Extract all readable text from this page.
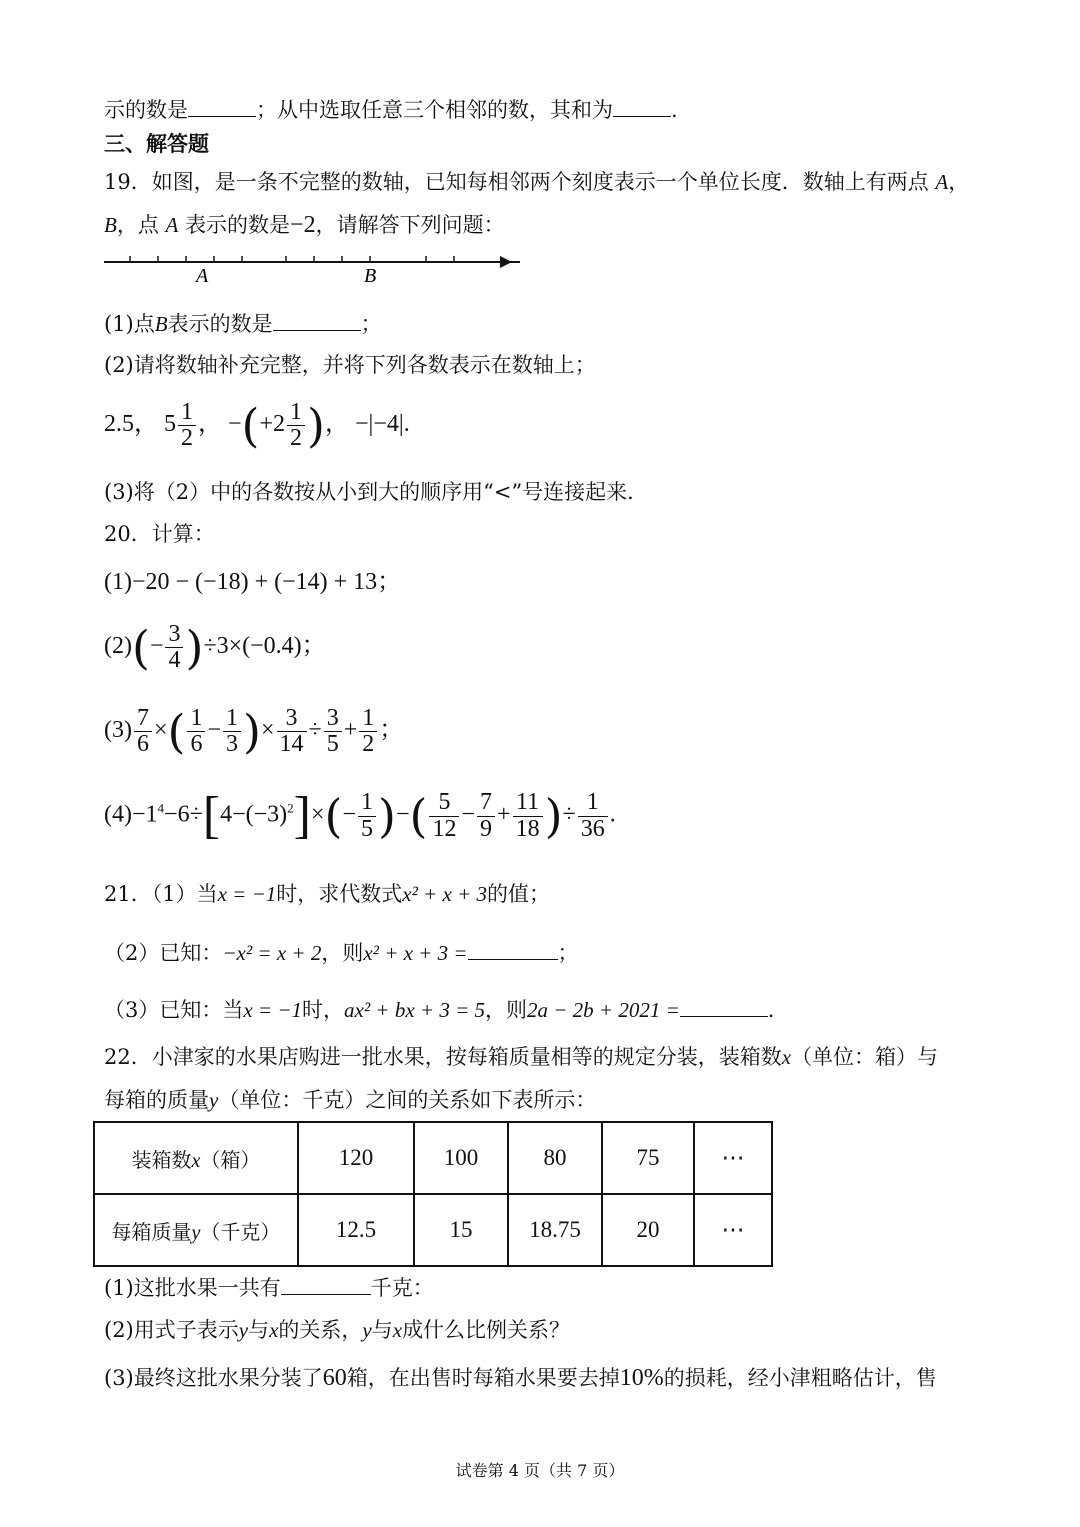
示的数是	；从中选取任意三个相邻的数，其和为	.
三、解答题
19．如图，是一条不完整的数轴，已知每相邻两个刻度表示一个单位长度．数轴上有两点 A，
B，点 A 表示的数是−2，请解答下列问题：
A	B
(1)点B表示的数是	；
(2)请将数轴补充完整，并将下列各数表示在数轴上；
2.5， $5 \frac{1}{2}$ ， $-(+2 \frac{1}{2}$ )， −|−4|.
(3)将（2）中的各数按从小到大的顺序用“<”号连接起来．
20．计算：
(1)−20 − (−18) + (−14) + 13；
$(2)(- \frac{3}{4} )\div 3\times(-0.4)$；
$(3) \frac{7}{6}$ ×( $\frac{1}{6} - \frac{1}{3}$ )× $\frac{3}{14} \div \frac{3}{5} + \frac{1}{2}$ ；
$(4)-1^4-6\div[4-(-3)^2]\times(- \frac{1}{5}$ )−( $\frac{5}{12} - \frac{7}{9} + \frac{11}{18}$ )÷ $\frac{1}{36}$ .
21．（1）当x = −1时，求代数式x² + x + 3的值；
（2）已知：−x² = x + 2，则x² + x + 3 =	；
（3）已知：当x = −1时，ax² + bx + 3 = 5，则2a − 2b + 2021 =	.
22．小津家的水果店购进一批水果，按每箱质量相等的规定分装，装箱数x（单位：箱）与
每箱的质量y（单位：千克）之间的关系如下表所示：
装箱数x（箱）	120	100	80	75	⋯
每箱质量y（千克）	12.5	15	18.75	20	⋯
(1)这批水果一共有	千克：
(2)用式子表示y与x的关系，y与x成什么比例关系？
(3)最终这批水果分装了60箱，在出售时每箱水果要去掉10%的损耗，经小津粗略估计，售
试卷第 4 页（共 7 页）
